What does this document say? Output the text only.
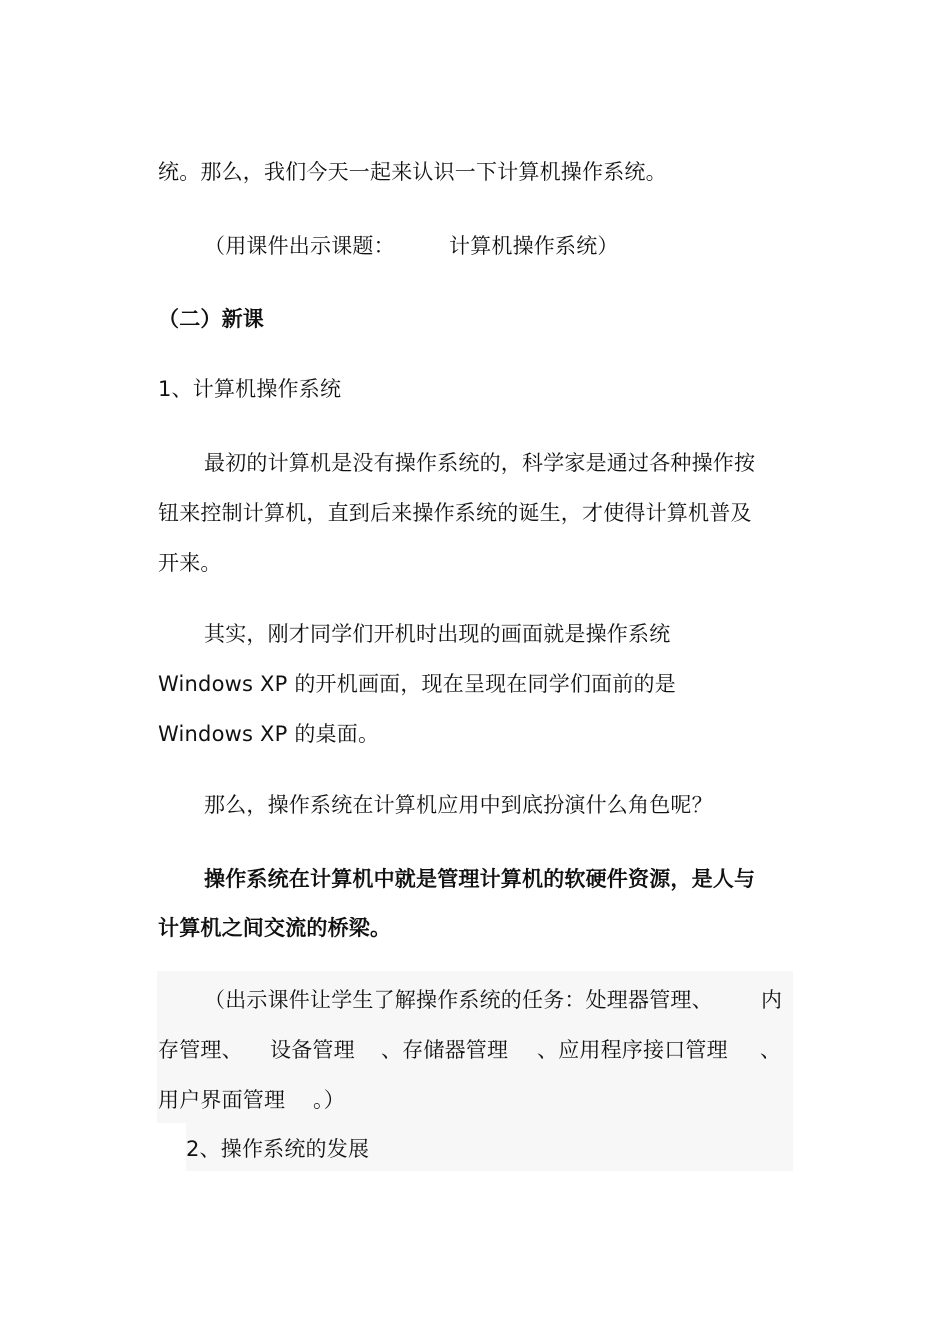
统。那么，我们今天一起来认识一下计算机操作系统。
（用课件出示课题：	计算机操作系统）
（二）新课
1、计算机操作系统
最初的计算机是没有操作系统的，科学家是通过各种操作按
钮来控制计算机，直到后来操作系统的诞生，才使得计算机普及
开来。
其实，刚才同学们开机时出现的画面就是操作系统
Windows XP 的开机画面，现在呈现在同学们面前的是
Windows XP 的桌面。
那么，操作系统在计算机应用中到底扮演什么角色呢？
操作系统在计算机中就是管理计算机的软硬件资源，是人与
计算机之间交流的桥梁。
（出示课件让学生了解操作系统的任务：处理器管理、 内
存管理、 设备管理 、存储器管理 、应用程序接口管理 、
用户界面管理 。）
2、操作系统的发展
